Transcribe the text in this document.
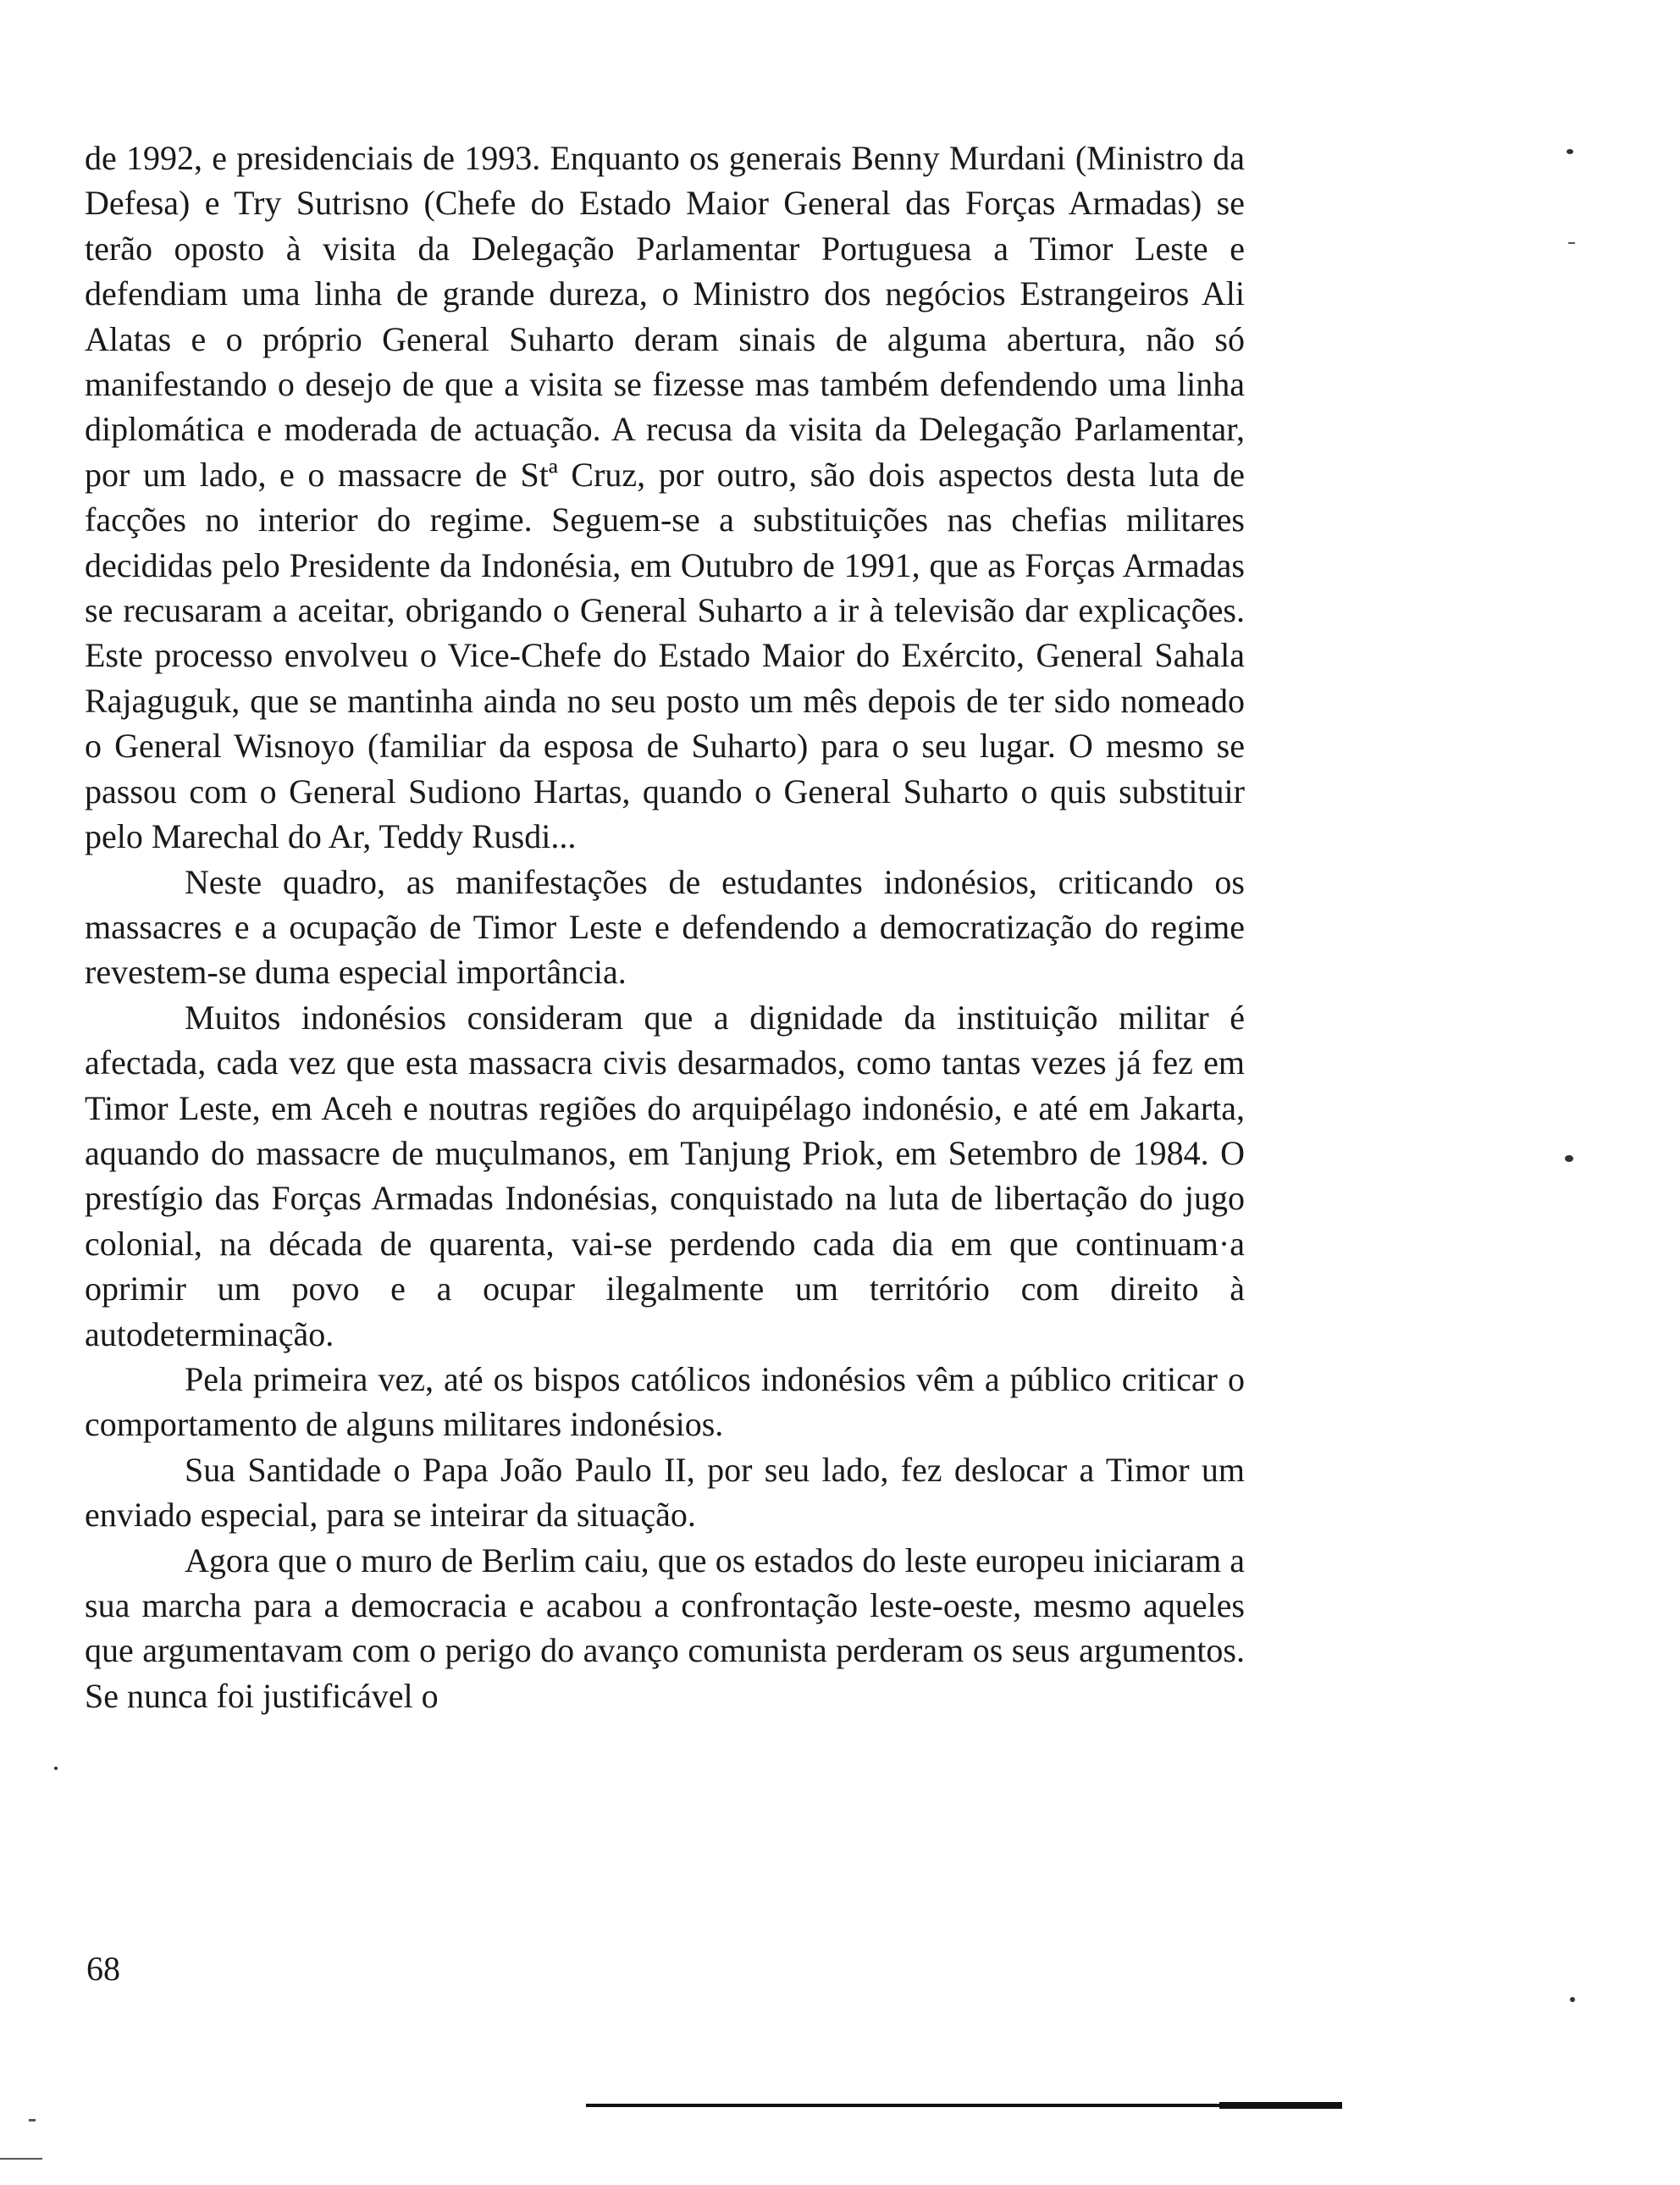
de 1992, e presidenciais de 1993. Enquanto os generais Benny Murdani (Ministro da Defesa) e Try Sutrisno (Chefe do Estado Maior General das Forças Armadas) se terão oposto à visita da Delegação Parlamentar Portuguesa a Timor Leste e defendiam uma linha de grande dureza, o Ministro dos negócios Estrangeiros Ali Alatas e o próprio General Suharto deram sinais de alguma abertura, não só manifestando o desejo de que a visita se fizesse mas também defendendo uma linha diplomática e moderada de actuação. A recusa da visita da Delegação Parlamentar, por um lado, e o massacre de Stª Cruz, por outro, são dois aspectos desta luta de facções no interior do regime. Seguem-se a substituições nas chefias militares decididas pelo Presidente da Indonésia, em Outubro de 1991, que as Forças Armadas se recusaram a aceitar, obrigando o General Suharto a ir à televisão dar explicações. Este processo envolveu o Vice-Chefe do Estado Maior do Exército, General Sahala Rajaguguk, que se mantinha ainda no seu posto um mês depois de ter sido nomeado o General Wisnoyo (familiar da esposa de Suharto) para o seu lugar. O mesmo se passou com o General Sudiono Hartas, quando o General Suharto o quis substituir pelo Marechal do Ar, Teddy Rusdi...

Neste quadro, as manifestações de estudantes indonésios, criticando os massacres e a ocupação de Timor Leste e defendendo a democratização do regime revestem-se duma especial importância.

Muitos indonésios consideram que a dignidade da instituição militar é afectada, cada vez que esta massacra civis desarmados, como tantas vezes já fez em Timor Leste, em Aceh e noutras regiões do arquipélago indonésio, e até em Jakarta, aquando do massacre de muçulmanos, em Tanjung Priok, em Setembro de 1984. O prestígio das Forças Armadas Indonésias, conquistado na luta de libertação do jugo colonial, na década de quarenta, vai-se perdendo cada dia em que continuam·a oprimir um povo e a ocupar ilegalmente um território com direito à autodeterminação.

Pela primeira vez, até os bispos católicos indonésios vêm a público criticar o comportamento de alguns militares indonésios.

Sua Santidade o Papa João Paulo II, por seu lado, fez deslocar a Timor um enviado especial, para se inteirar da situação.

Agora que o muro de Berlim caiu, que os estados do leste europeu iniciaram a sua marcha para a democracia e acabou a confrontação leste-oeste, mesmo aqueles que argumentavam com o perigo do avanço comunista perderam os seus argumentos. Se nunca foi justificável o

68
